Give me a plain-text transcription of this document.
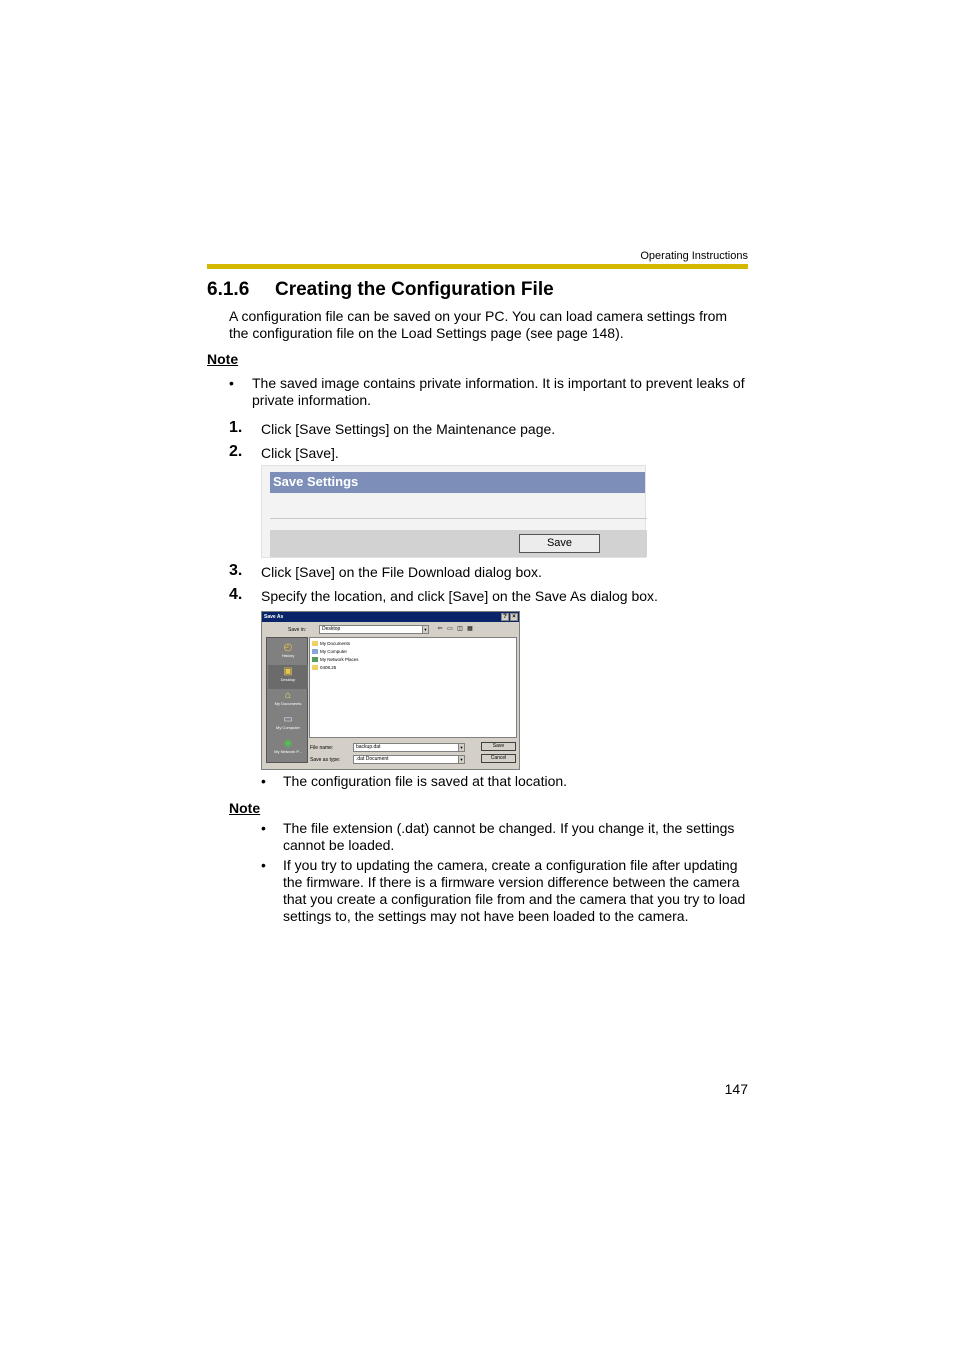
Operating Instructions
6.1.6 Creating the Configuration File
A configuration file can be saved on your PC. You can load camera settings from the configuration file on the Load Settings page (see page 148).
Note
• The saved image contains private information. It is important to prevent leaks of private information.
1. Click [Save Settings] on the Maintenance page.
2. Click [Save].
Save Settings
Save
3. Click [Save] on the File Download dialog box.
4. Specify the location, and click [Save] on the Save As dialog box.
Save As	? ×
Save in:	Desktop	▼ ⇦ ▭ ◫ ▦
◴
History
▣
Desktop
⌂
My Documents
▭
My Computer
◉
My Network P...
My Documents
My Computer
My Network Places
0408.25
File name:	backup.dat	▼
Save as type:	.dat Document	▼
Save
Cancel
• The configuration file is saved at that location.
Note
• The file extension (.dat) cannot be changed. If you change it, the settings cannot be loaded.
• If you try to updating the camera, create a configuration file after updating the firmware. If there is a firmware version difference between the camera that you create a configuration file from and the camera that you try to load settings to, the settings may not have been loaded to the camera.
147
